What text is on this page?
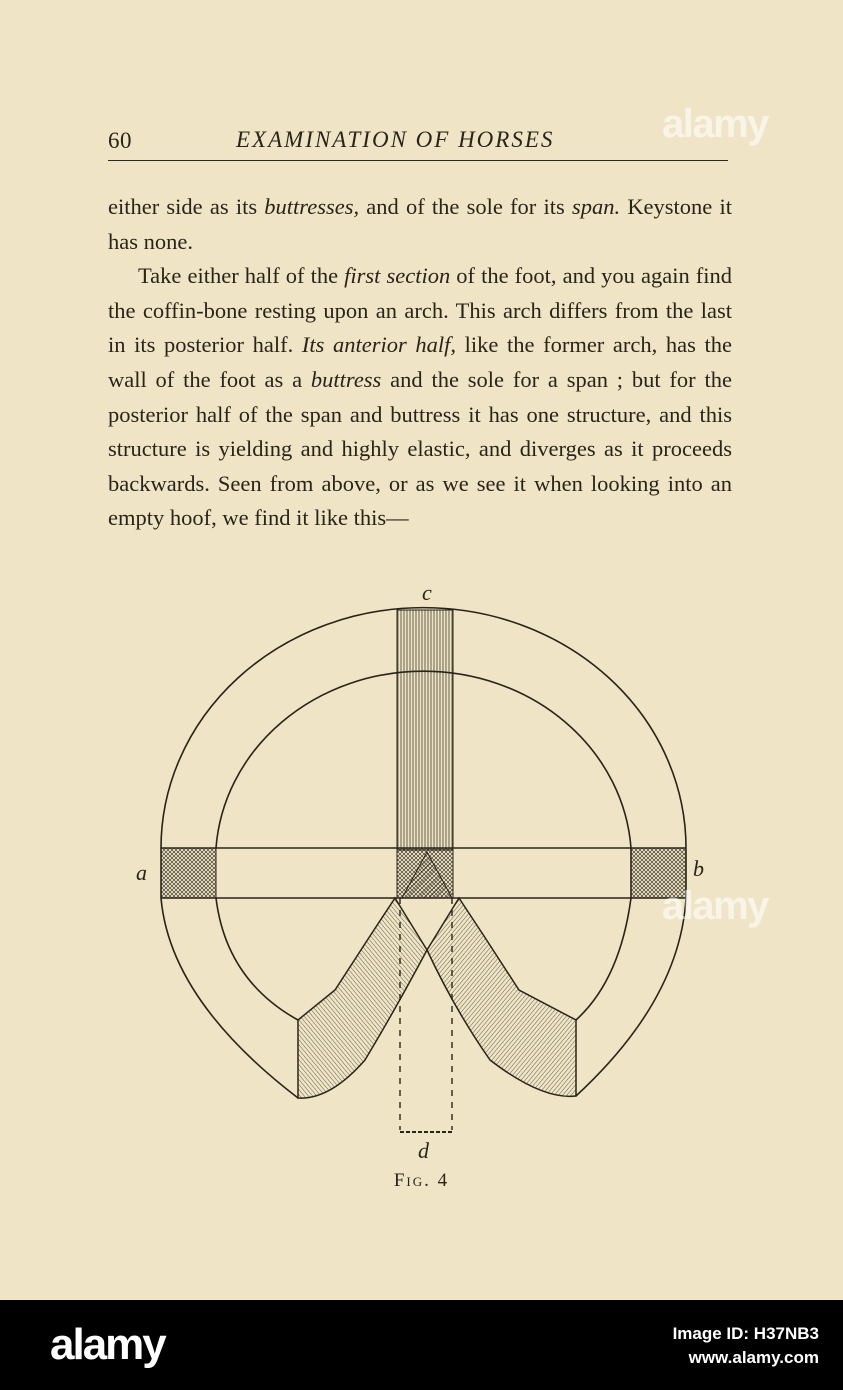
60	EXAMINATION OF HORSES

either side as its buttresses, and of the sole for its span. Keystone it has none.

Take either half of the first section of the foot, and you again find the coffin-bone resting upon an arch. This arch differs from the last in its posterior half. Its anterior half, like the former arch, has the wall of the foot as a buttress and the sole for a span ; but for the posterior half of the span and buttress it has one structure, and this structure is yielding and highly elastic, and diverges as it proceeds backwards. Seen from above, or as we see it when looking into an empty hoof, we find it like this—

c
a	b
d
Fig. 4
alamy
alamy
alamy	Image ID: H37NB3
www.alamy.com
